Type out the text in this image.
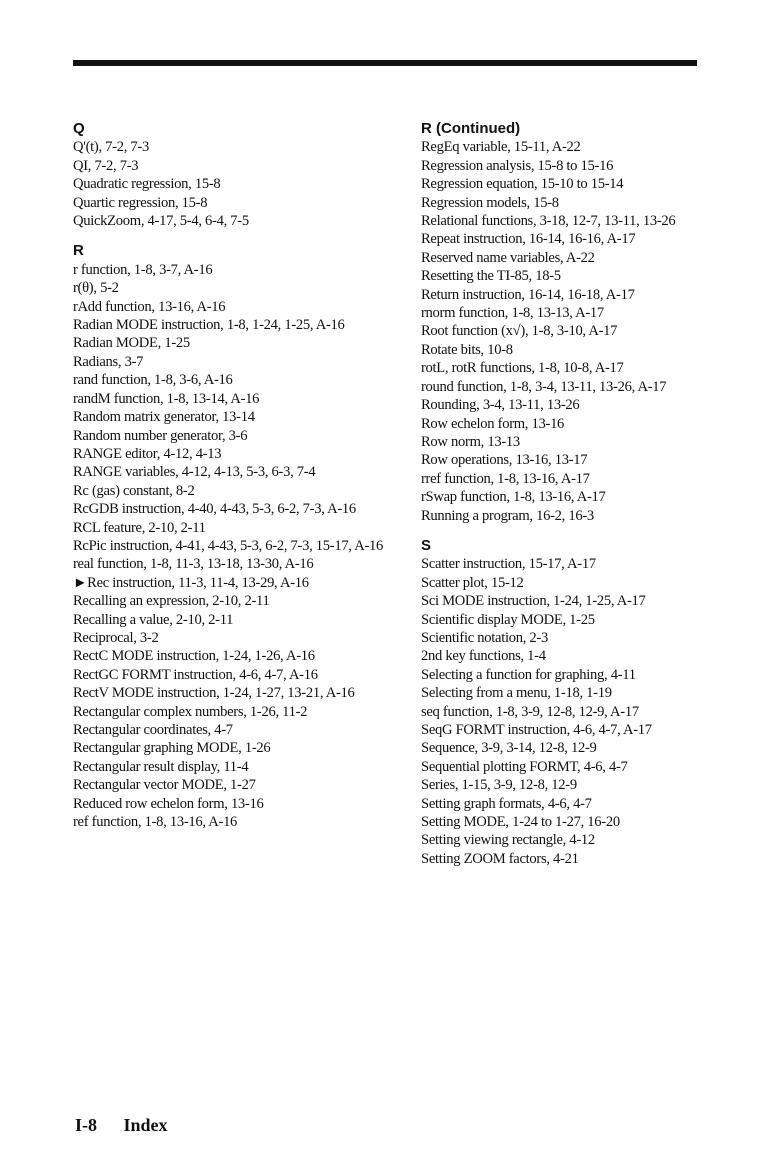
Q

Q'(t), 7-2, 7-3

QI, 7-2, 7-3

Quadratic regression, 15-8

Quartic regression, 15-8

QuickZoom, 4-17, 5-4, 6-4, 7-5

R

r function, 1-8, 3-7, A-16

r(θ), 5-2

rAdd function, 13-16, A-16

Radian MODE instruction, 1-8, 1-24, 1-25, A-16

Radian MODE, 1-25

Radians, 3-7

rand function, 1-8, 3-6, A-16

randM function, 1-8, 13-14, A-16

Random matrix generator, 13-14

Random number generator, 3-6

RANGE editor, 4-12, 4-13

RANGE variables, 4-12, 4-13, 5-3, 6-3, 7-4

Rc (gas) constant, 8-2

RcGDB instruction, 4-40, 4-43, 5-3, 6-2, 7-3, A-16

RCL feature, 2-10, 2-11

RcPic instruction, 4-41, 4-43, 5-3, 6-2, 7-3, 15-17, A-16

real function, 1-8, 11-3, 13-18, 13-30, A-16

►Rec instruction, 11-3, 11-4, 13-29, A-16

Recalling an expression, 2-10, 2-11

Recalling a value, 2-10, 2-11

Reciprocal, 3-2

RectC MODE instruction, 1-24, 1-26, A-16

RectGC FORMT instruction, 4-6, 4-7, A-16

RectV MODE instruction, 1-24, 1-27, 13-21, A-16

Rectangular complex numbers, 1-26, 11-2

Rectangular coordinates, 4-7

Rectangular graphing MODE, 1-26

Rectangular result display, 11-4

Rectangular vector MODE, 1-27

Reduced row echelon form, 13-16

ref function, 1-8, 13-16, A-16

R (Continued)

RegEq variable, 15-11, A-22

Regression analysis, 15-8 to 15-16

Regression equation, 15-10 to 15-14

Regression models, 15-8

Relational functions, 3-18, 12-7, 13-11, 13-26

Repeat instruction, 16-14, 16-16, A-17

Reserved name variables, A-22

Resetting the TI-85, 18-5

Return instruction, 16-14, 16-18, A-17

rnorm function, 1-8, 13-13, A-17

Root function (x√), 1-8, 3-10, A-17

Rotate bits, 10-8

rotL, rotR functions, 1-8, 10-8, A-17

round function, 1-8, 3-4, 13-11, 13-26, A-17

Rounding, 3-4, 13-11, 13-26

Row echelon form, 13-16

Row norm, 13-13

Row operations, 13-16, 13-17

rref function, 1-8, 13-16, A-17

rSwap function, 1-8, 13-16, A-17

Running a program, 16-2, 16-3

S

Scatter instruction, 15-17, A-17

Scatter plot, 15-12

Sci MODE instruction, 1-24, 1-25, A-17

Scientific display MODE, 1-25

Scientific notation, 2-3

2nd key functions, 1-4

Selecting a function for graphing, 4-11

Selecting from a menu, 1-18, 1-19

seq function, 1-8, 3-9, 12-8, 12-9, A-17

SeqG FORMT instruction, 4-6, 4-7, A-17

Sequence, 3-9, 3-14, 12-8, 12-9

Sequential plotting FORMT, 4-6, 4-7

Series, 1-15, 3-9, 12-8, 12-9

Setting graph formats, 4-6, 4-7

Setting MODE, 1-24 to 1-27, 16-20

Setting viewing rectangle, 4-12

Setting ZOOM factors, 4-21

I-8 Index
